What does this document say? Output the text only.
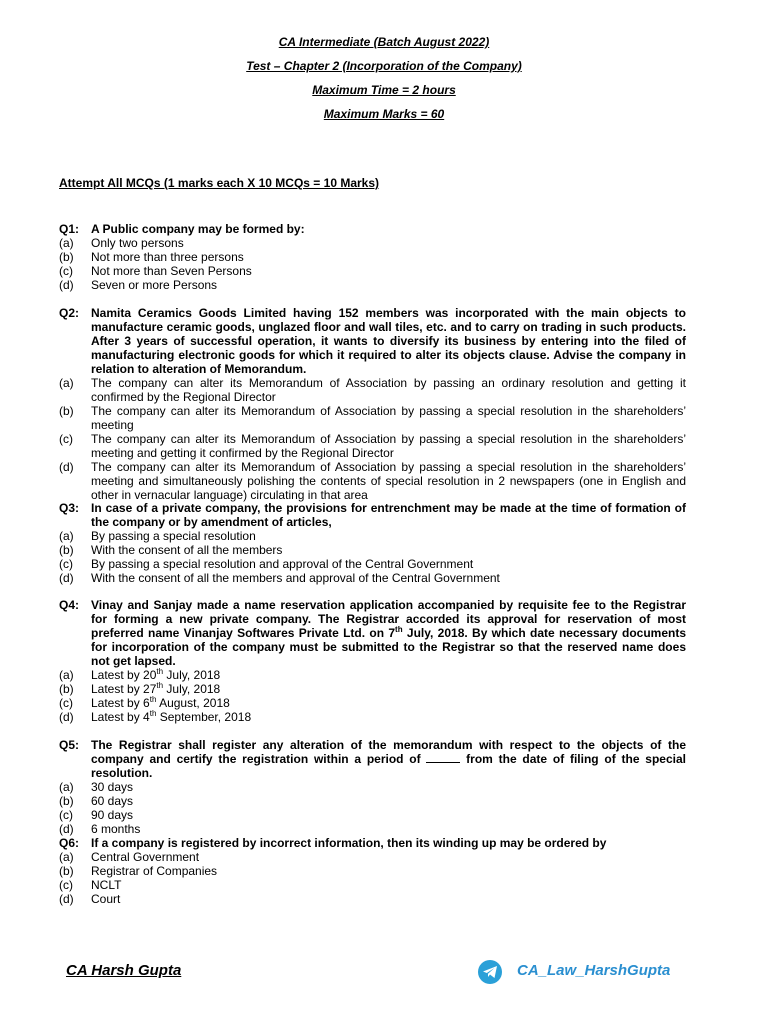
CA Intermediate (Batch August 2022)
Test – Chapter 2 (Incorporation of the Company)
Maximum Time = 2 hours
Maximum Marks = 60
Attempt All MCQs (1 marks each X 10 MCQs = 10 Marks)
Q1: A Public company may be formed by:
(a)	Only two persons
(b)	Not more than three persons
(c)	Not more than Seven Persons
(d)	Seven or more Persons
Q2: Namita Ceramics Goods Limited having 152 members was incorporated with the main objects to manufacture ceramic goods, unglazed floor and wall tiles, etc. and to carry on trading in such products. After 3 years of successful operation, it wants to diversify its business by entering into the filed of manufacturing electronic goods for which it required to alter its objects clause. Advise the company in relation to alteration of Memorandum.
(a)	The company can alter its Memorandum of Association by passing an ordinary resolution and getting it confirmed by the Regional Director
(b)	The company can alter its Memorandum of Association by passing a special resolution in the shareholders’ meeting
(c)	The company can alter its Memorandum of Association by passing a special resolution in the shareholders’ meeting and getting it confirmed by the Regional Director
(d)	The company can alter its Memorandum of Association by passing a special resolution in the shareholders’ meeting and simultaneously polishing the contents of special resolution in 2 newspapers (one in English and other in vernacular language) circulating in that area
Q3: In case of a private company, the provisions for entrenchment may be made at the time of formation of the company or by amendment of articles,
(a)	By passing a special resolution
(b)	With the consent of all the members
(c)	By passing a special resolution and approval of the Central Government
(d)	With the consent of all the members and approval of the Central Government
Q4: Vinay and Sanjay made a name reservation application accompanied by requisite fee to the Registrar for forming a new private company. The Registrar accorded its approval for reservation of most preferred name Vinanjay Softwares Private Ltd. on 7th July, 2018. By which date necessary documents for incorporation of the company must be submitted to the Registrar so that the reserved name does not get lapsed.
(a)	Latest by 20th July, 2018
(b)	Latest by 27th July, 2018
(c)	Latest by 6th August, 2018
(d)	Latest by 4th September, 2018
Q5: The Registrar shall register any alteration of the memorandum with respect to the objects of the company and certify the registration within a period of	from the date of filing of the special resolution.
(a)	30 days
(b)	60 days
(c)	90 days
(d)	6 months
Q6: If a company is registered by incorrect information, then its winding up may be ordered by
(a)	Central Government
(b)	Registrar of Companies
(c)	NCLT
(d)	Court
CA Harsh Gupta	CA_Law_HarshGupta
